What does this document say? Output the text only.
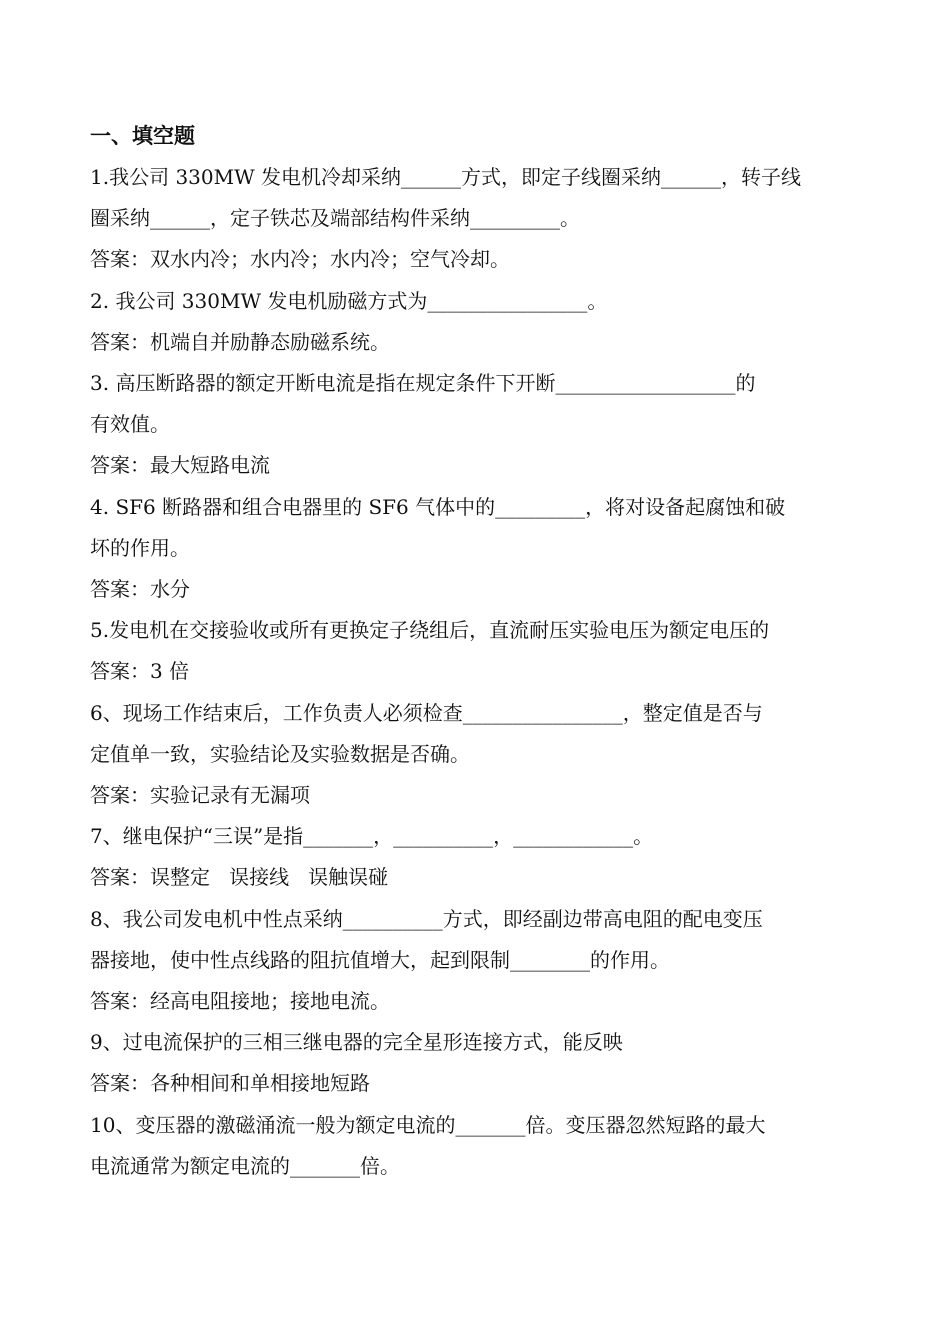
一、填空题
1.我公司 330MW 发电机冷却采纳______方式，即定子线圈采纳______，转子线
圈采纳______，定子铁芯及端部结构件采纳_________。
答案：双水内冷；水内冷；水内冷；空气冷却。
2. 我公司 330MW 发电机励磁方式为________________。
答案：机端自并励静态励磁系统。
3. 高压断路器的额定开断电流是指在规定条件下开断__________________的
有效值。
答案：最大短路电流
4. SF6 断路器和组合电器里的 SF6 气体中的_________，将对设备起腐蚀和破
坏的作用。
答案：水分
5.发电机在交接验收或所有更换定子绕组后，直流耐压实验电压为额定电压的
答案：3 倍
6、现场工作结束后，工作负责人必须检查________________，整定值是否与
定值单一致，实验结论及实验数据是否确。
答案：实验记录有无漏项
7、继电保护“三误”是指_______，__________，____________。
答案：误整定   误接线   误触误碰
8、我公司发电机中性点采纳__________方式，即经副边带高电阻的配电变压
器接地，使中性点线路的阻抗值增大，起到限制________的作用。
答案：经高电阻接地；接地电流。
9、过电流保护的三相三继电器的完全星形连接方式，能反映
答案：各种相间和单相接地短路
10、变压器的激磁涌流一般为额定电流的_______倍。变压器忽然短路的最大
电流通常为额定电流的_______倍。
